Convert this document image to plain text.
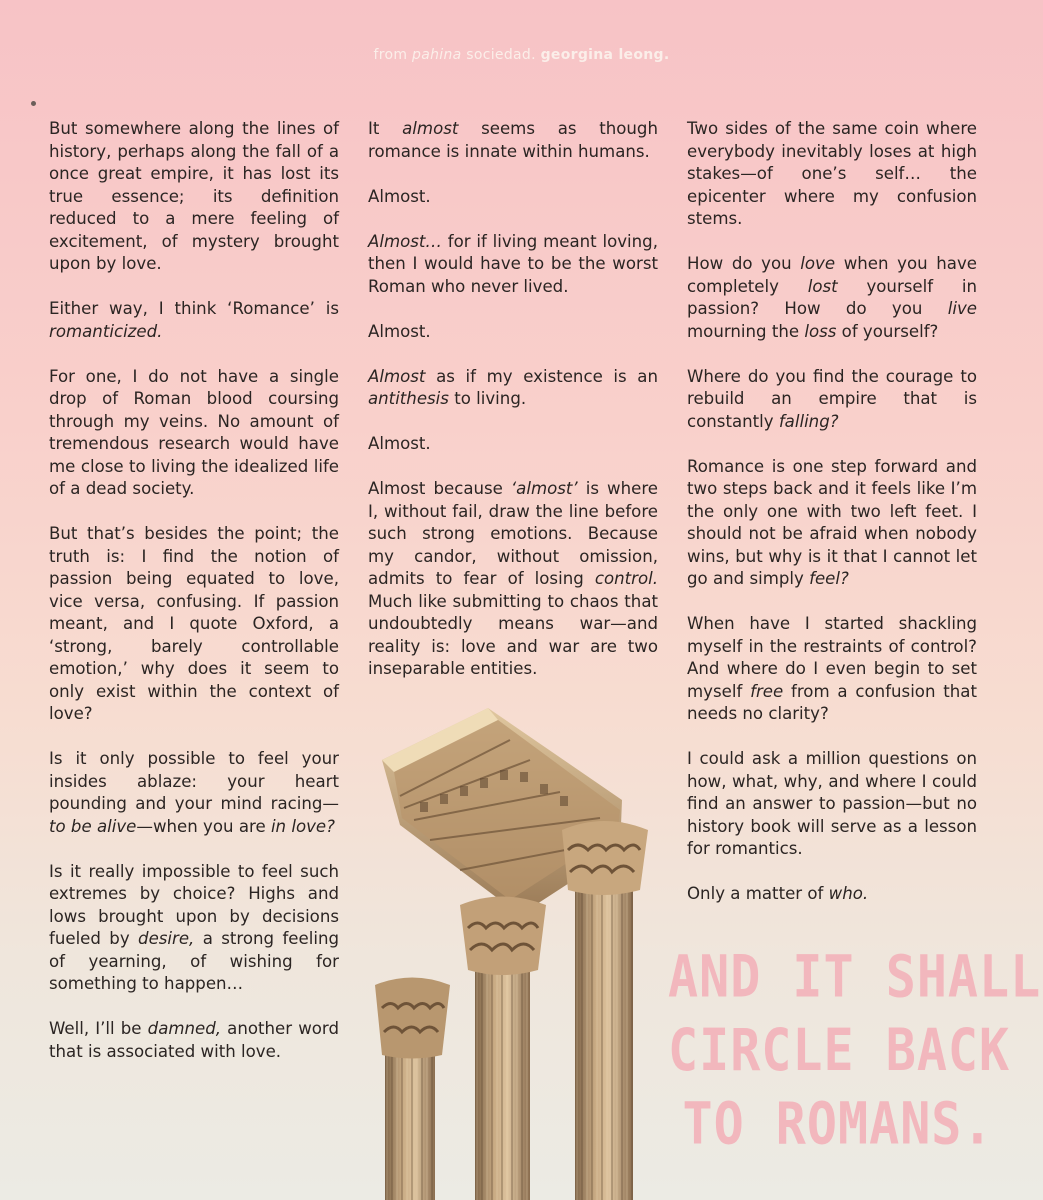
from pahina sociedad. georgina leong.

But somewhere along the lines of history, perhaps along the fall of a once great empire, it has lost its true essence; its definition reduced to a mere feeling of excitement, of mystery brought upon by love.

Either way, I think ‘Romance’ is romanticized.

For one, I do not have a single drop of Roman blood coursing through my veins. No amount of tremendous research would have me close to living the idealized life of a dead society.

But that’s besides the point; the truth is: I find the notion of passion being equated to love, vice versa, confusing. If passion meant, and I quote Oxford, a ‘strong, barely controllable emotion,’ why does it seem to only exist within the context of love?

Is it only possible to feel your insides ablaze: your heart pounding and your mind racing—to be alive—when you are in love?

Is it really impossible to feel such extremes by choice? Highs and lows brought upon by decisions fueled by desire, a strong feeling of yearning, of wishing for something to happen…

Well, I’ll be damned, another word that is associated with love.

It almost seems as though romance is innate within humans.

Almost.

Almost… for if living meant loving, then I would have to be the worst Roman who never lived.

Almost.

Almost as if my existence is an antithesis to living.

Almost.

Almost because ‘almost’ is where I, without fail, draw the line before such strong emotions. Because my candor, without omission, admits to fear of losing control. Much like submitting to chaos that undoubtedly means war—and reality is: love and war are two inseparable entities.

Two sides of the same coin where everybody inevitably loses at high stakes—of one’s self… the epicenter where my confusion stems.

How do you love when you have completely lost yourself in passion? How do you live mourning the loss of yourself?

Where do you find the courage to rebuild an empire that is constantly falling?

Romance is one step forward and two steps back and it feels like I’m the only one with two left feet. I should not be afraid when nobody wins, but why is it that I cannot let go and simply feel?

When have I started shackling myself in the restraints of control? And where do I even begin to set myself free from a confusion that needs no clarity?

I could ask a million questions on how, what, why, and where I could find an answer to passion—but no history book will serve as a lesson for romantics.

Only a matter of who.

AND IT SHALL
CIRCLE BACK
TO ROMANS.
